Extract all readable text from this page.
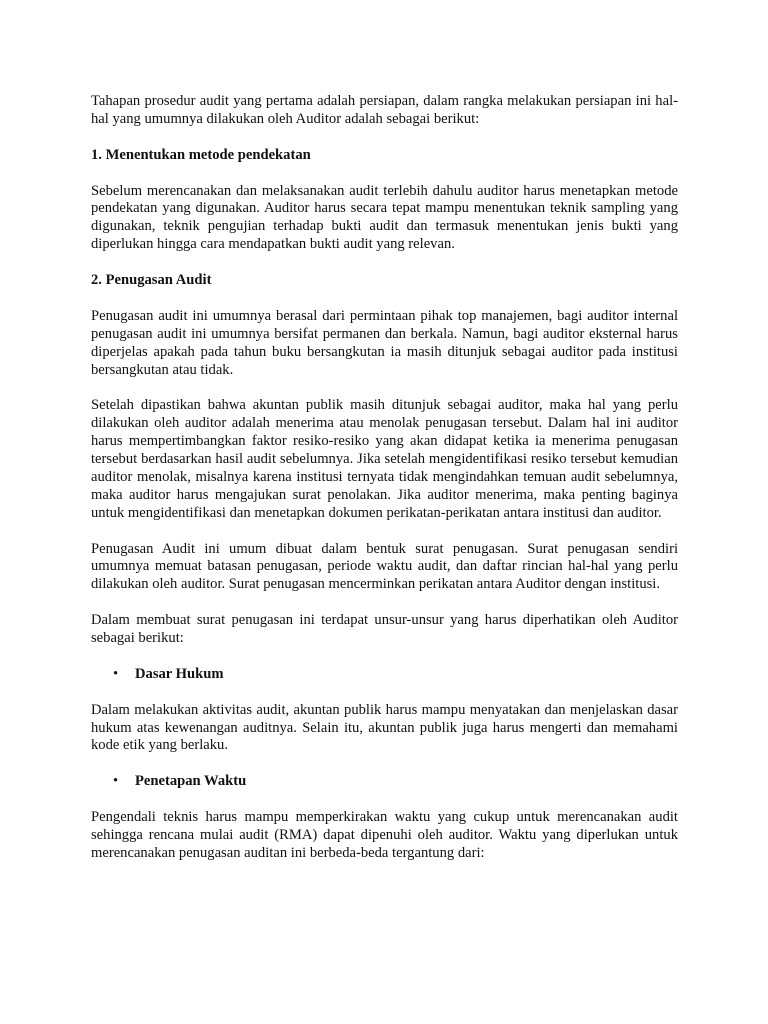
Tahapan prosedur audit yang pertama adalah persiapan, dalam rangka melakukan persiapan ini hal-hal yang umumnya dilakukan oleh Auditor adalah sebagai berikut:

1. Menentukan metode pendekatan

Sebelum merencanakan dan melaksanakan audit terlebih dahulu auditor harus menetapkan metode pendekatan yang digunakan. Auditor harus secara tepat mampu menentukan teknik sampling yang digunakan, teknik pengujian terhadap bukti audit dan termasuk menentukan jenis bukti yang diperlukan hingga cara mendapatkan bukti audit yang relevan.

2. Penugasan Audit

Penugasan audit ini umumnya berasal dari permintaan pihak top manajemen, bagi auditor internal penugasan audit ini umumnya bersifat permanen dan berkala. Namun, bagi auditor eksternal harus diperjelas apakah pada tahun buku bersangkutan ia masih ditunjuk sebagai auditor pada institusi bersangkutan atau tidak.

Setelah dipastikan bahwa akuntan publik masih ditunjuk sebagai auditor, maka hal yang perlu dilakukan oleh auditor adalah menerima atau menolak penugasan tersebut. Dalam hal ini auditor harus mempertimbangkan faktor resiko-resiko yang akan didapat ketika ia menerima penugasan tersebut berdasarkan hasil audit sebelumnya. Jika setelah mengidentifikasi resiko tersebut kemudian auditor menolak, misalnya karena institusi ternyata tidak mengindahkan temuan audit sebelumnya, maka auditor harus mengajukan surat penolakan. Jika auditor menerima, maka penting baginya untuk mengidentifikasi dan menetapkan dokumen perikatan-perikatan antara institusi dan auditor.

Penugasan Audit ini umum dibuat dalam bentuk surat penugasan. Surat penugasan sendiri umumnya memuat batasan penugasan, periode waktu audit, dan daftar rincian hal-hal yang perlu dilakukan oleh auditor. Surat penugasan mencerminkan perikatan antara Auditor dengan institusi.

Dalam membuat surat penugasan ini terdapat unsur-unsur yang harus diperhatikan oleh Auditor sebagai berikut:

•	Dasar Hukum

Dalam melakukan aktivitas audit, akuntan publik harus mampu menyatakan dan menjelaskan dasar hukum atas kewenangan auditnya. Selain itu, akuntan publik juga harus mengerti dan memahami kode etik yang berlaku.

•	Penetapan Waktu

Pengendali teknis harus mampu memperkirakan waktu yang cukup untuk merencanakan audit sehingga rencana mulai audit (RMA) dapat dipenuhi oleh auditor. Waktu yang diperlukan untuk merencanakan penugasan auditan ini berbeda-beda tergantung dari:
